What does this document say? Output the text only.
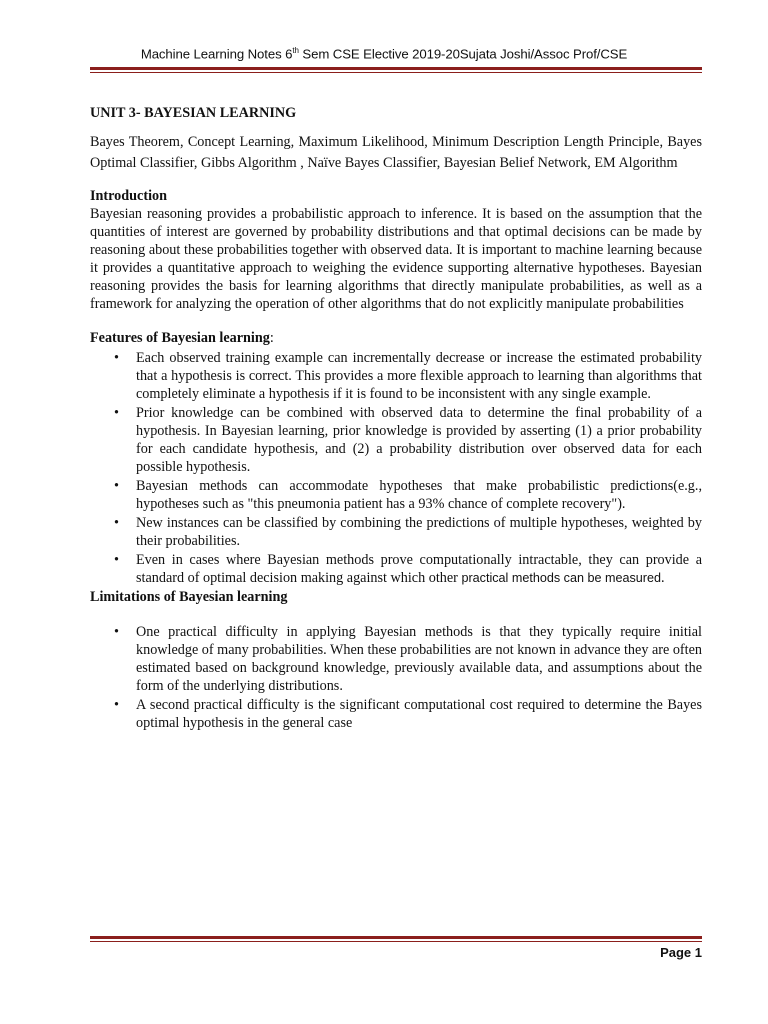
Machine Learning Notes 6th Sem CSE Elective 2019-20Sujata Joshi/Assoc Prof/CSE
UNIT 3- BAYESIAN LEARNING
Bayes Theorem, Concept Learning, Maximum Likelihood, Minimum Description Length Principle, Bayes Optimal Classifier, Gibbs Algorithm , Naïve Bayes Classifier, Bayesian Belief Network, EM Algorithm
Introduction

Bayesian reasoning provides a probabilistic approach to inference. It is based on the assumption that the quantities of interest are governed by probability distributions and that optimal decisions can be made by reasoning about these probabilities together with observed data. It is important to machine learning because it provides a quantitative approach to weighing the evidence supporting alternative hypotheses. Bayesian reasoning provides the basis for learning algorithms that directly manipulate probabilities, as well as a framework for analyzing the operation of other algorithms that do not explicitly manipulate probabilities

Features of Bayesian learning:
• Each observed training example can incrementally decrease or increase the estimated probability that a hypothesis is correct. This provides a more flexible approach to learning than algorithms that completely eliminate a hypothesis if it is found to be inconsistent with any single example.
• Prior knowledge can be combined with observed data to determine the final probability of a hypothesis. In Bayesian learning, prior knowledge is provided by asserting (1) a prior probability for each candidate hypothesis, and (2) a probability distribution over observed data for each possible hypothesis.
• Bayesian methods can accommodate hypotheses that make probabilistic predictions(e.g., hypotheses such as "this pneumonia patient has a 93% chance of complete recovery").
• New instances can be classified by combining the predictions of multiple hypotheses, weighted by their probabilities.
• Even in cases where Bayesian methods prove computationally intractable, they can provide a standard of optimal decision making against which other practical methods can be measured.
Limitations of Bayesian learning
• One practical difficulty in applying Bayesian methods is that they typically require initial knowledge of many probabilities. When these probabilities are not known in advance they are often estimated based on background knowledge, previously available data, and assumptions about the form of the underlying distributions.
• A second practical difficulty is the significant computational cost required to determine the Bayes optimal hypothesis in the general case
Page 1
